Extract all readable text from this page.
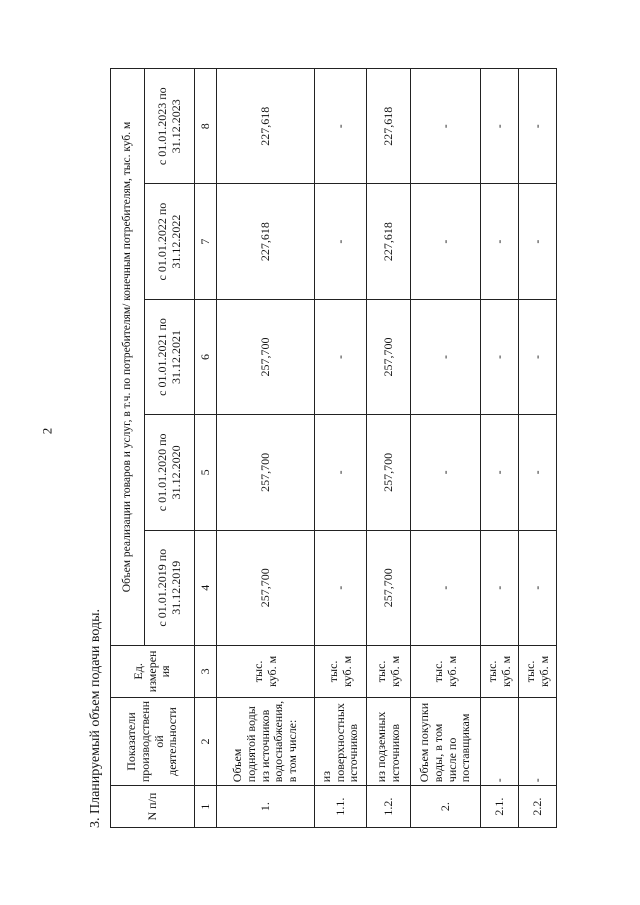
2
3. Планируемый объем подачи воды.	N п/п	Показатели производственн ой деятельности	Ед. измерен ия	Объем реализации товаров и услуг, в т.ч. по потребителям/ конечным потребителям, тыс. куб. м				
			с 01.01.2019 по 31.12.2019	с 01.01.2020 по 31.12.2020	с 01.01.2021 по 31.12.2021	с 01.01.2022 по 31.12.2022	с 01.01.2023 по 31.12.2023
1	2	3	4	5	6	7	8
1.	Объем поднятой воды из источников водоснабжения, в том числе:	тыс. куб. м	257,700	257,700	257,700	227,618	227,618
1.1.	из поверхностных источников	тыс. куб. м	-	-	-	-	-
1.2.	из подземных источников	тыс. куб. м	257,700	257,700	257,700	227,618	227,618
2.	Объем покупки воды, в том числе по поставщикам	тыс. куб. м	-	-	-	-	-
2.1.	-	тыс. куб. м	-	-	-	-	-
2.2.	-	тыс. куб. м	-	-	-	-	-
